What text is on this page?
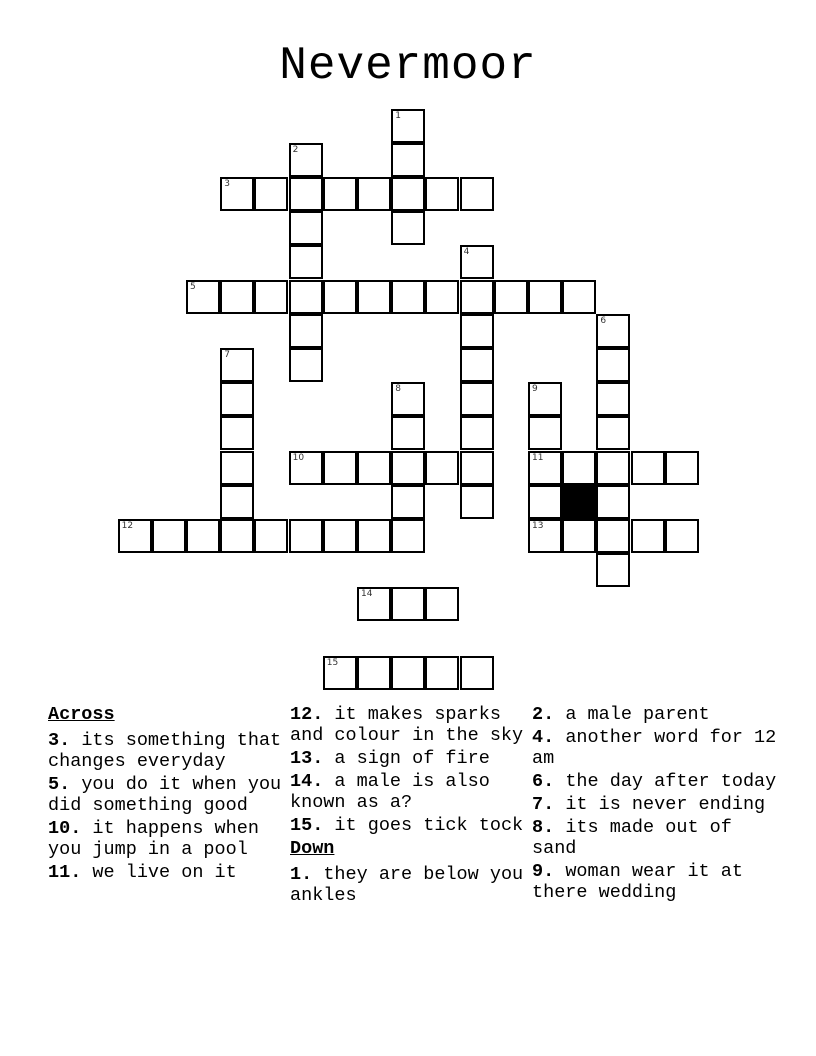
Nevermoor
1
2
3
4
5
6
7
8	9
11
13
10
12
14
15
Across
3. its something that changes everyday
5. you do it when you did something good
10. it happens when you jump in a pool
11. we live on it
12. it makes sparks and colour in the sky
13. a sign of fire
14. a male is also known as a?
15. it goes tick tock
Down
1. they are below you ankles
2. a male parent
4. another word for 12 am
6. the day after today
7. it is never ending
8. its made out of sand
9. woman wear it at there wedding
